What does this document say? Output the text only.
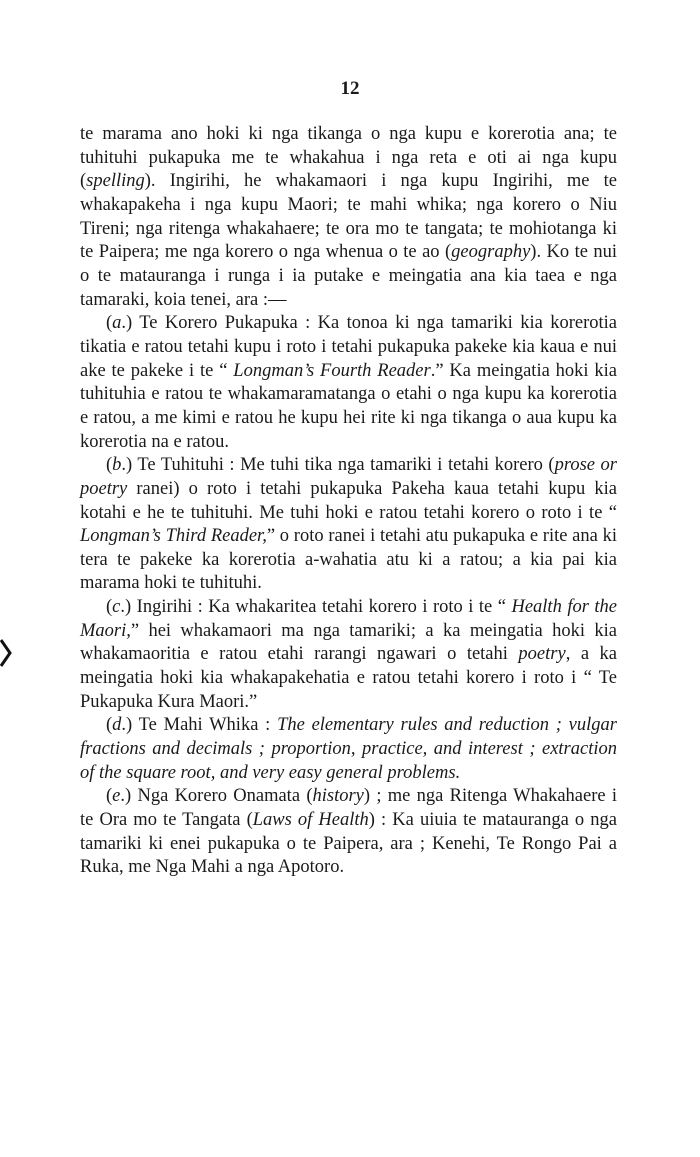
12

te marama ano hoki ki nga tikanga o nga kupu e korerotia ana; te tuhituhi pukapuka me te whakahua i nga reta e oti ai nga kupu (spelling). Ingirihi, he whakamaori i nga kupu Ingirihi, me te whakapakeha i nga kupu Maori; te mahi whika; nga korero o Niu Tireni; nga ritenga whakahaere; te ora mo te tangata; te mohiotanga ki te Paipera; me nga korero o nga whenua o te ao (geography). Ko te nui o te matauranga i runga i ia putake e meingatia ana kia taea e nga tamaraki, koia tenei, ara :—

(a.) Te Korero Pukapuka : Ka tonoa ki nga tamariki kia korerotia tikatia e ratou tetahi kupu i roto i tetahi pukapuka pakeke kia kaua e nui ake te pakeke i te “ Longman’s Fourth Reader.” Ka meingatia hoki kia tuhituhia e ratou te whakamaramatanga o etahi o nga kupu ka korerotia e ratou, a me kimi e ratou he kupu hei rite ki nga tikanga o aua kupu ka korerotia na e ratou.

(b.) Te Tuhituhi : Me tuhi tika nga tamariki i tetahi korero (prose or poetry ranei) o roto i tetahi pukapuka Pakeha kaua tetahi kupu kia kotahi e he te tuhituhi. Me tuhi hoki e ratou tetahi korero o roto i te “ Longman’s Third Reader,” o roto ranei i tetahi atu pukapuka e rite ana ki tera te pakeke ka korerotia a-wahatia atu ki a ratou; a kia pai kia marama hoki te tuhituhi.

(c.) Ingirihi : Ka whakaritea tetahi korero i roto i te “ Health for the Maori,” hei whakamaori ma nga tamariki; a ka meingatia hoki kia whakamaoritia e ratou etahi rarangi ngawari o tetahi poetry, a ka meingatia hoki kia whakapakehatia e ratou tetahi korero i roto i “ Te Pukapuka Kura Maori.”

(d.) Te Mahi Whika : The elementary rules and reduction ; vulgar fractions and decimals ; proportion, practice, and interest ; extraction of the square root, and very easy general problems.

(e.) Nga Korero Onamata (history) ; me nga Ritenga Whakahaere i te Ora mo te Tangata (Laws of Health) : Ka uiuia te matauranga o nga tamariki ki enei pukapuka o te Paipera, ara ; Kenehi, Te Rongo Pai a Ruka, me Nga Mahi a nga Apotoro.
